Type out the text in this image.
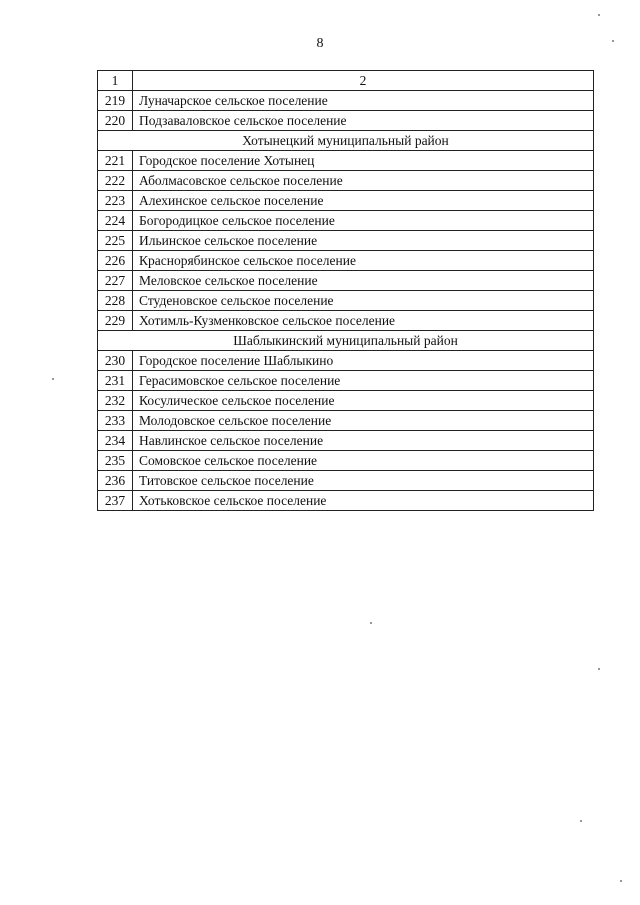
8
1	2
219	Луначарское сельское поселение
220	Подзаваловское сельское поселение
Хотынецкий муниципальный район	
221	Городское поселение Хотынец
222	Аболмасовское сельское поселение
223	Алехинское сельское поселение
224	Богородицкое сельское поселение
225	Ильинское сельское поселение
226	Краснорябинское сельское поселение
227	Меловское сельское поселение
228	Студеновское сельское поселение
229	Хотимль-Кузменковское сельское поселение
Шаблыкинский муниципальный район	
230	Городское поселение Шаблыкино
231	Герасимовское сельское поселение
232	Косулическое сельское поселение
233	Молодовское сельское поселение
234	Навлинское сельское поселение
235	Сомовское сельское поселение
236	Титовское сельское поселение
237	Хотьковское сельское поселение
